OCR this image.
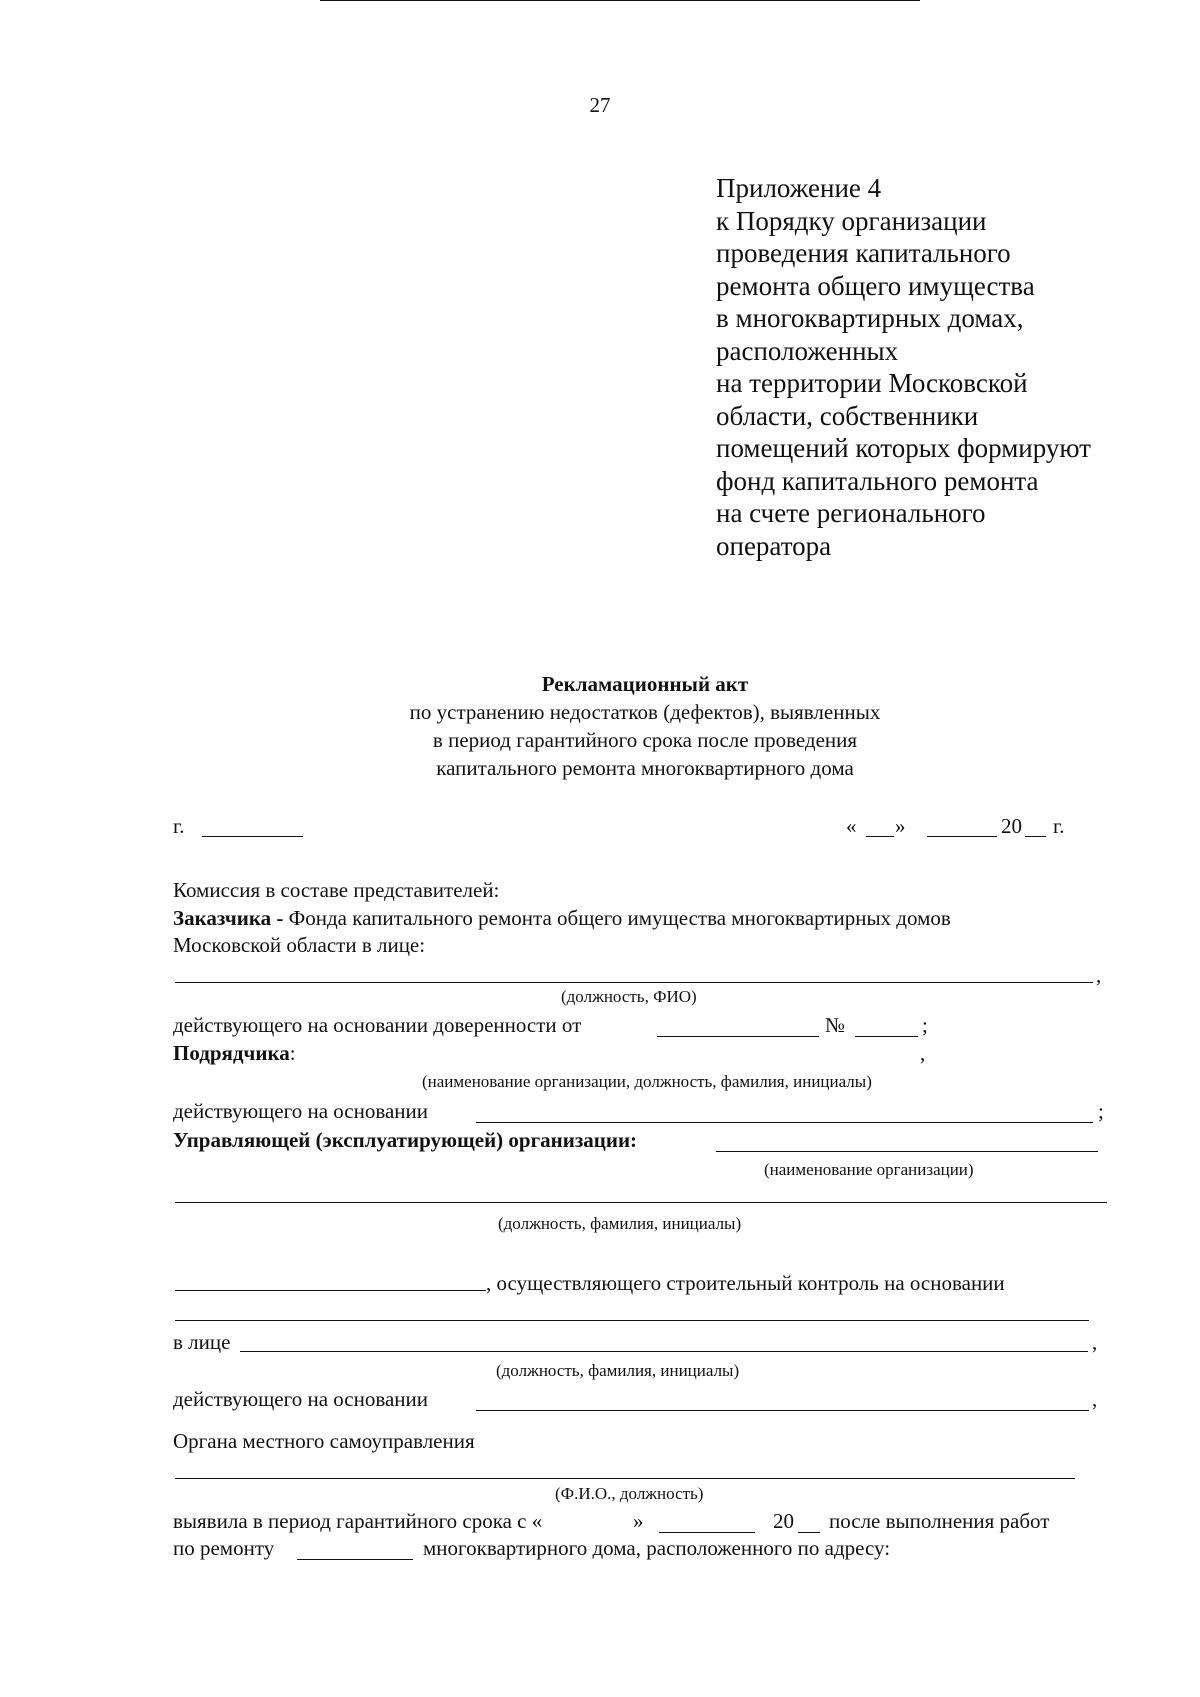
27
Приложение 4
к Порядку организации
проведения капитального
ремонта общего имущества
в многоквартирных домах,
расположенных
на территории Московской
области, собственники
помещений которых формируют
фонд капитального ремонта
на счете регионального
оператора
Рекламационный акт
по устранению недостатков (дефектов), выявленных
в период гарантийного срока после проведения
капитального ремонта многоквартирного дома
г.	« »	20 г.
Комиссия в составе представителей:
Заказчика - Фонда капитального ремонта общего имущества многоквартирных домов
Московской области в лице:
,
(должность, ФИО)
действующего на основании доверенности от	№	;
Подрядчика:	,
(наименование организации, должность, фамилия, инициалы)
действующего на основании	;
Управляющей (эксплуатирующей) организации:
(наименование организации)
(должность, фамилия, инициалы)
, осуществляющего строительный контроль на основании
в лице	,
(должность, фамилия, инициалы)
действующего на основании	,
Органа местного самоуправления
(Ф.И.О., должность)
выявила в период гарантийного срока с «	»	20 после выполнения работ
по ремонту	многоквартирного дома, расположенного по адресу:
